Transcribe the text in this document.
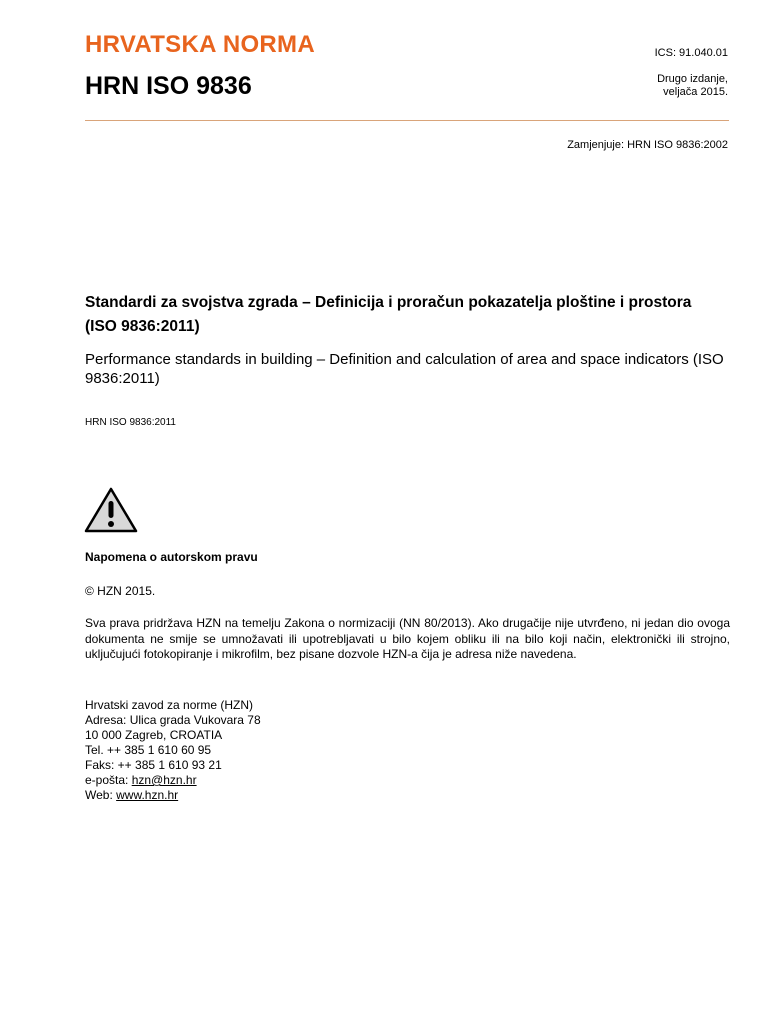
HRVATSKA NORMA
HRN ISO 9836
ICS: 91.040.01
Drugo izdanje,
veljača 2015.
Zamjenjuje: HRN ISO 9836:2002
Standardi za svojstva zgrada – Definicija i proračun pokazatelja ploštine i prostora (ISO 9836:2011)
Performance standards in building – Definition and calculation of area and space indicators (ISO 9836:2011)
HRN ISO 9836:2011
Napomena o autorskom pravu
© HZN 2015.
Sva prava pridržava HZN na temelju Zakona o normizaciji (NN 80/2013). Ako drugačije nije utvrđeno, ni jedan dio ovoga dokumenta ne smije se umnožavati ili upotrebljavati u bilo kojem obliku ili na bilo koji način, elektronički ili strojno, uključujući fotokopiranje i mikrofilm, bez pisane dozvole HZN-a čija je adresa niže navedena.
Hrvatski zavod za norme (HZN)
Adresa: Ulica grada Vukovara 78
10 000 Zagreb, CROATIA
Tel. ++ 385 1 610 60 95
Faks: ++ 385 1 610 93 21
e-pošta: hzn@hzn.hr
Web: www.hzn.hr
